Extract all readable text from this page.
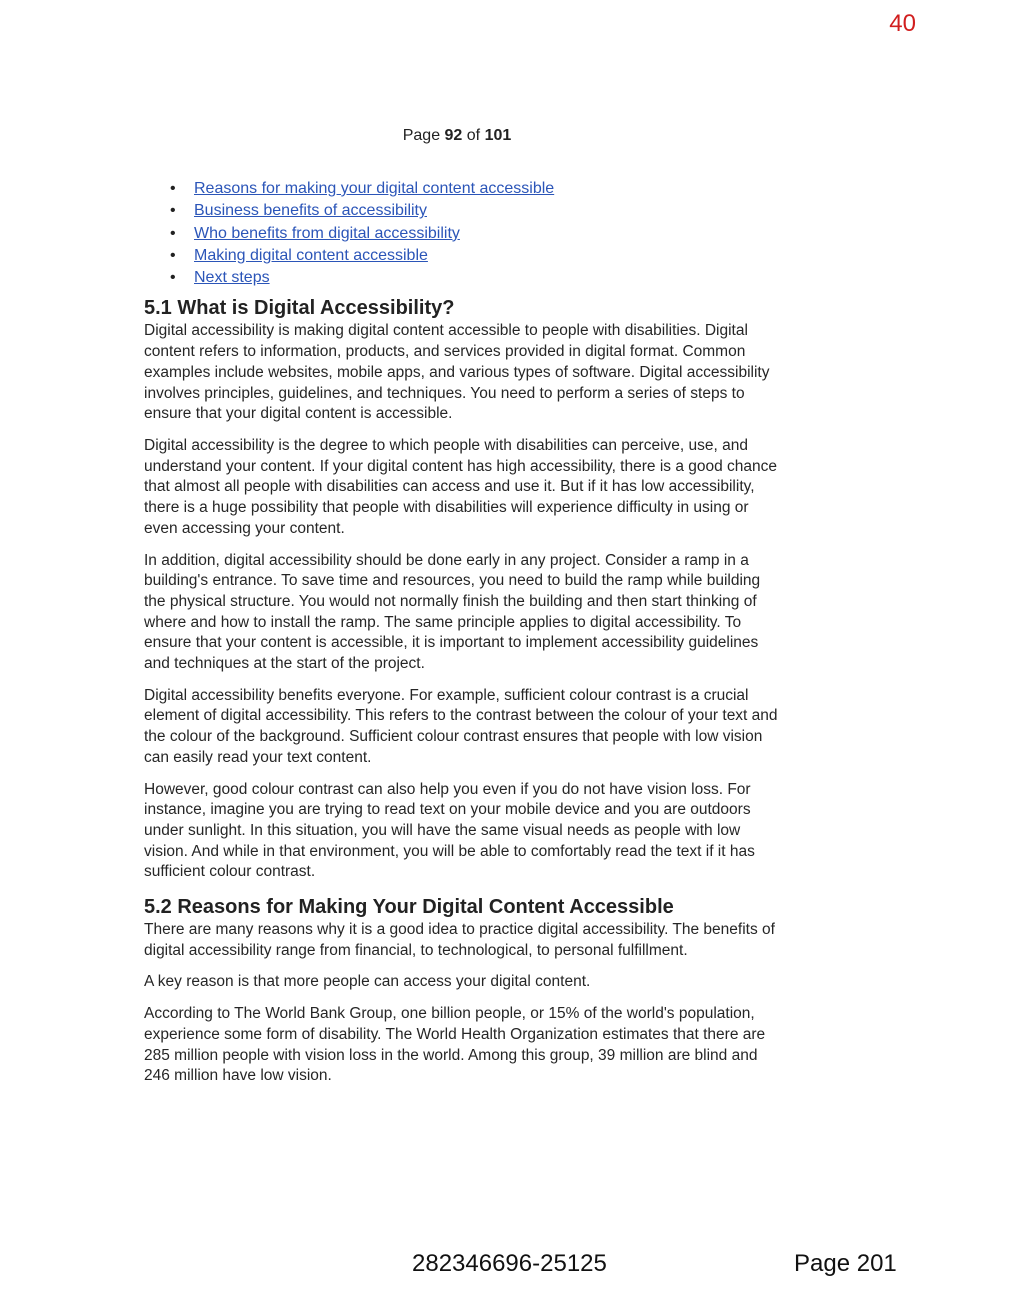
40
Page 92 of 101
• Reasons for making your digital content accessible
• Business benefits of accessibility
• Who benefits from digital accessibility
• Making digital content accessible
• Next steps
5.1 What is Digital Accessibility?

Digital accessibility is making digital content accessible to people with disabilities. Digital content refers to information, products, and services provided in digital format. Common examples include websites, mobile apps, and various types of software. Digital accessibility involves principles, guidelines, and techniques. You need to perform a series of steps to ensure that your digital content is accessible.

Digital accessibility is the degree to which people with disabilities can perceive, use, and understand your content. If your digital content has high accessibility, there is a good chance that almost all people with disabilities can access and use it. But if it has low accessibility, there is a huge possibility that people with disabilities will experience difficulty in using or even accessing your content.

In addition, digital accessibility should be done early in any project. Consider a ramp in a building's entrance. To save time and resources, you need to build the ramp while building the physical structure. You would not normally finish the building and then start thinking of where and how to install the ramp. The same principle applies to digital accessibility. To ensure that your content is accessible, it is important to implement accessibility guidelines and techniques at the start of the project.

Digital accessibility benefits everyone. For example, sufficient colour contrast is a crucial element of digital accessibility. This refers to the contrast between the colour of your text and the colour of the background. Sufficient colour contrast ensures that people with low vision can easily read your text content.

However, good colour contrast can also help you even if you do not have vision loss. For instance, imagine you are trying to read text on your mobile device and you are outdoors under sunlight. In this situation, you will have the same visual needs as people with low vision. And while in that environment, you will be able to comfortably read the text if it has sufficient colour contrast.

5.2 Reasons for Making Your Digital Content Accessible

There are many reasons why it is a good idea to practice digital accessibility. The benefits of digital accessibility range from financial, to technological, to personal fulfillment.

A key reason is that more people can access your digital content.

According to The World Bank Group, one billion people, or 15% of the world's population, experience some form of disability. The World Health Organization estimates that there are 285 million people with vision loss in the world. Among this group, 39 million are blind and 246 million have low vision.

282346696-25125	Page 201
